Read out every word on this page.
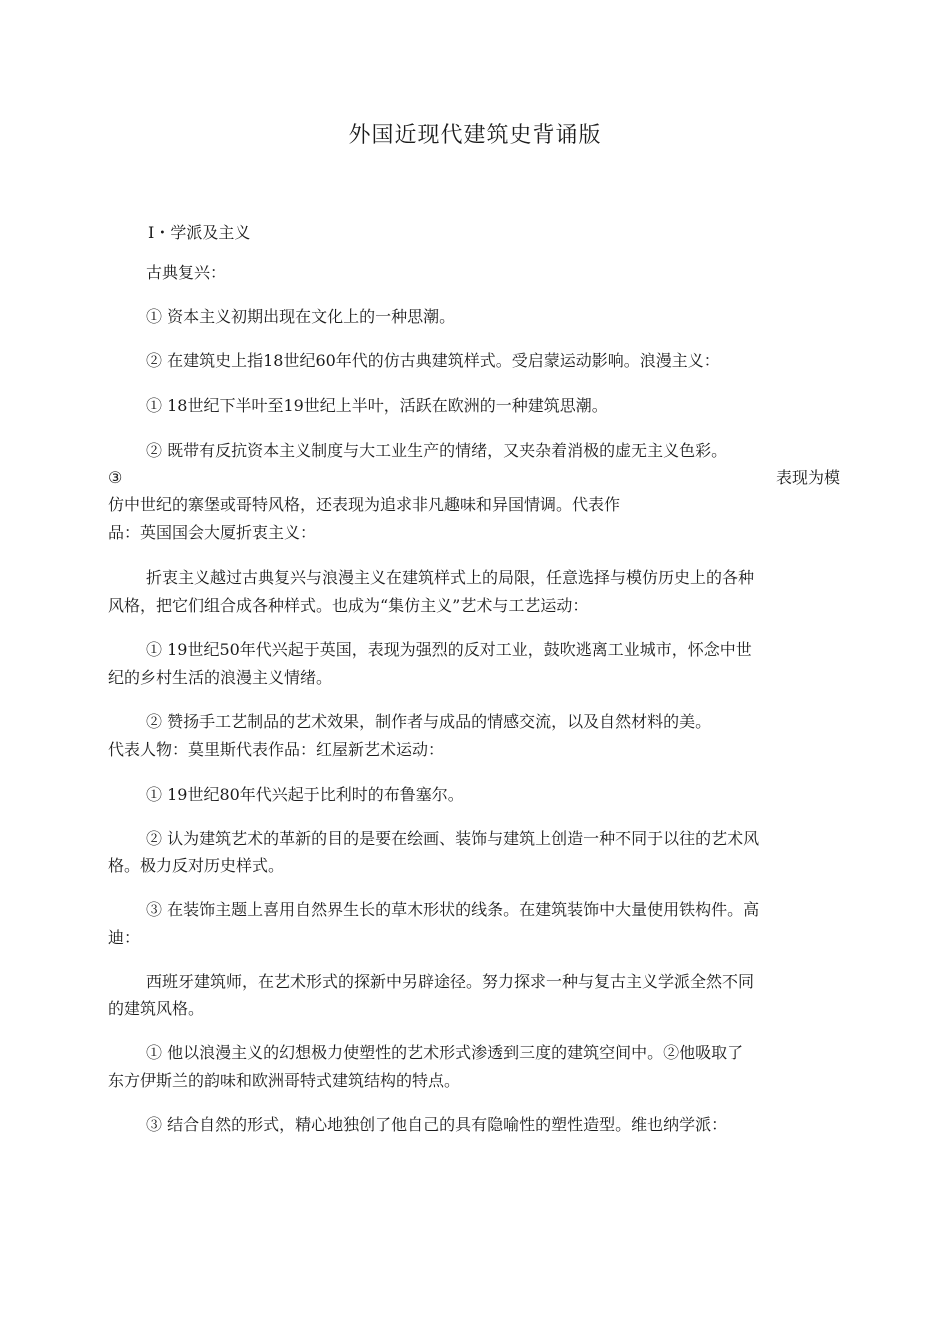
外国近现代建筑史背诵版
I・学派及主义
古典复兴：
① 资本主义初期出现在文化上的一种思潮。
② 在建筑史上指18世纪60年代的仿古典建筑样式。受启蒙运动影响。浪漫主义：
① 18世纪下半叶至19世纪上半叶，活跃在欧洲的一种建筑思潮。
② 既带有反抗资本主义制度与大工业生产的情绪，又夹杂着消极的虚无主义色彩。
③	表现为模
仿中世纪的寨堡或哥特风格，还表现为追求非凡趣味和异国情调。代表作
品：英国国会大厦折衷主义：
折衷主义越过古典复兴与浪漫主义在建筑样式上的局限，任意选择与模仿历史上的各种
风格，把它们组合成各种样式。也成为“集仿主义”艺术与工艺运动：
① 19世纪50年代兴起于英国，表现为强烈的反对工业，鼓吹逃离工业城市，怀念中世
纪的乡村生活的浪漫主义情绪。
② 赞扬手工艺制品的艺术效果，制作者与成品的情感交流，以及自然材料的美。
代表人物：莫里斯代表作品：红屋新艺术运动：
① 19世纪80年代兴起于比利时的布鲁塞尔。
② 认为建筑艺术的革新的目的是要在绘画、装饰与建筑上创造一种不同于以往的艺术风
格。极力反对历史样式。
③ 在装饰主题上喜用自然界生长的草木形状的线条。在建筑装饰中大量使用铁构件。高
迪：
西班牙建筑师，在艺术形式的探新中另辟途径。努力探求一种与复古主义学派全然不同
的建筑风格。
① 他以浪漫主义的幻想极力使塑性的艺术形式渗透到三度的建筑空间中。②他吸取了
东方伊斯兰的韵味和欧洲哥特式建筑结构的特点。
③ 结合自然的形式，精心地独创了他自己的具有隐喻性的塑性造型。维也纳学派：
